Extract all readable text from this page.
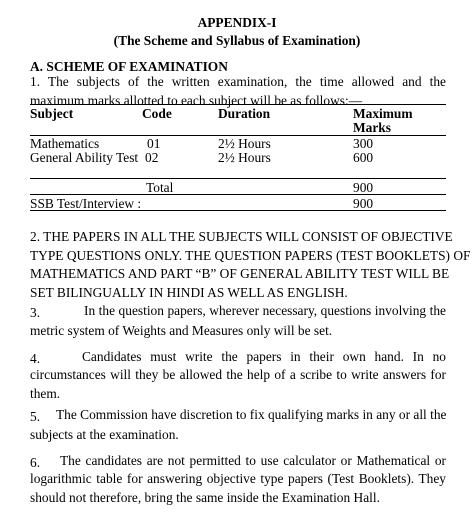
APPENDIX-I
(The Scheme and Syllabus of Examination)
A. SCHEME OF EXAMINATION
1. The subjects of the written examination, the time allowed and the
maximum marks allotted to each subject will be as follows:—
Subject	Code	Duration	Maximum
Marks
Mathematics	01	2½ Hours	300
General Ability Test 02	2½ Hours	600
Total	900
SSB Test/Interview :	900
2. THE PAPERS IN ALL THE SUBJECTS WILL CONSIST OF OBJECTIVE
TYPE QUESTIONS ONLY. THE QUESTION PAPERS (TEST BOOKLETS) OF
MATHEMATICS AND PART “B” OF GENERAL ABILITY TEST WILL BE
SET BILINGUALLY IN HINDI AS WELL AS ENGLISH.
3.	In the question papers, wherever necessary, questions involving the
metric system of Weights and Measures only will be set.
4.	Candidates must write the papers in their own hand. In no
circumstances will they be allowed the help of a scribe to write answers for
them.
5. The Commission have discretion to fix qualifying marks in any or all the
subjects at the examination.
6. The candidates are not permitted to use calculator or Mathematical or
logarithmic table for answering objective type papers (Test Booklets). They
should not therefore, bring the same inside the Examination Hall.
